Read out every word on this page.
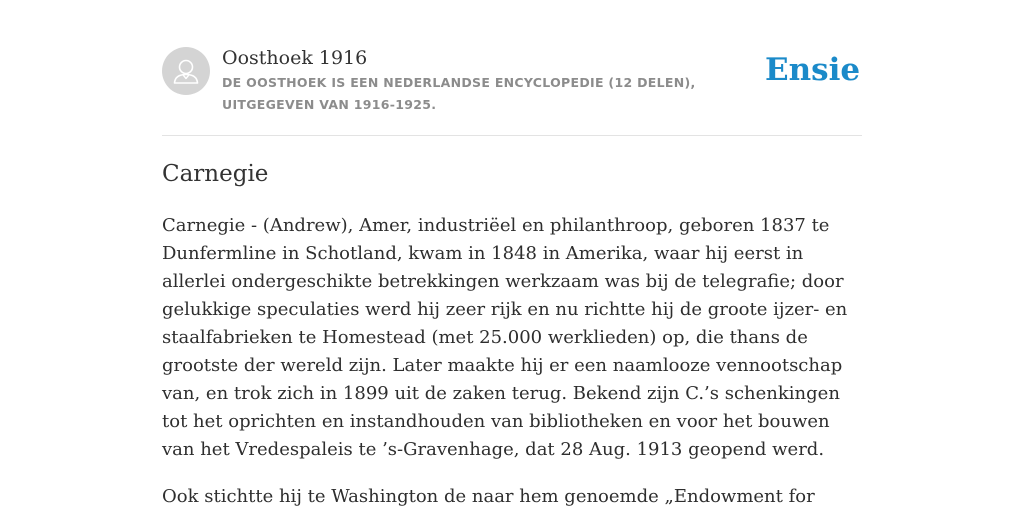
Oosthoek 1916
DE OOSTHOEK IS EEN NEDERLANDSE ENCYCLOPEDIE (12 DELEN), UITGEGEVEN VAN 1916-1925.
Ensie
Carnegie

Carnegie - (Andrew), Amer, industriëel en philanthroop, geboren 1837 te Dunfermline in Schotland, kwam in 1848 in Amerika, waar hij eerst in allerlei ondergeschikte betrekkingen werkzaam was bij de telegrafie; door gelukkige speculaties werd hij zeer rijk en nu richtte hij de groote ijzer- en staalfabrieken te Homestead (met 25.000 werklieden) op, die thans de grootste der wereld zijn. Later maakte hij er een naamlooze vennootschap van, en trok zich in 1899 uit de zaken terug. Bekend zijn C.’s schenkingen tot het oprichten en instandhouden van bibliotheken en voor het bouwen van het Vredespaleis te ’s-Gravenhage, dat 28 Aug. 1913 geopend werd.

Ook stichtte hij te Washington de naar hem genoemde „Endowment for
